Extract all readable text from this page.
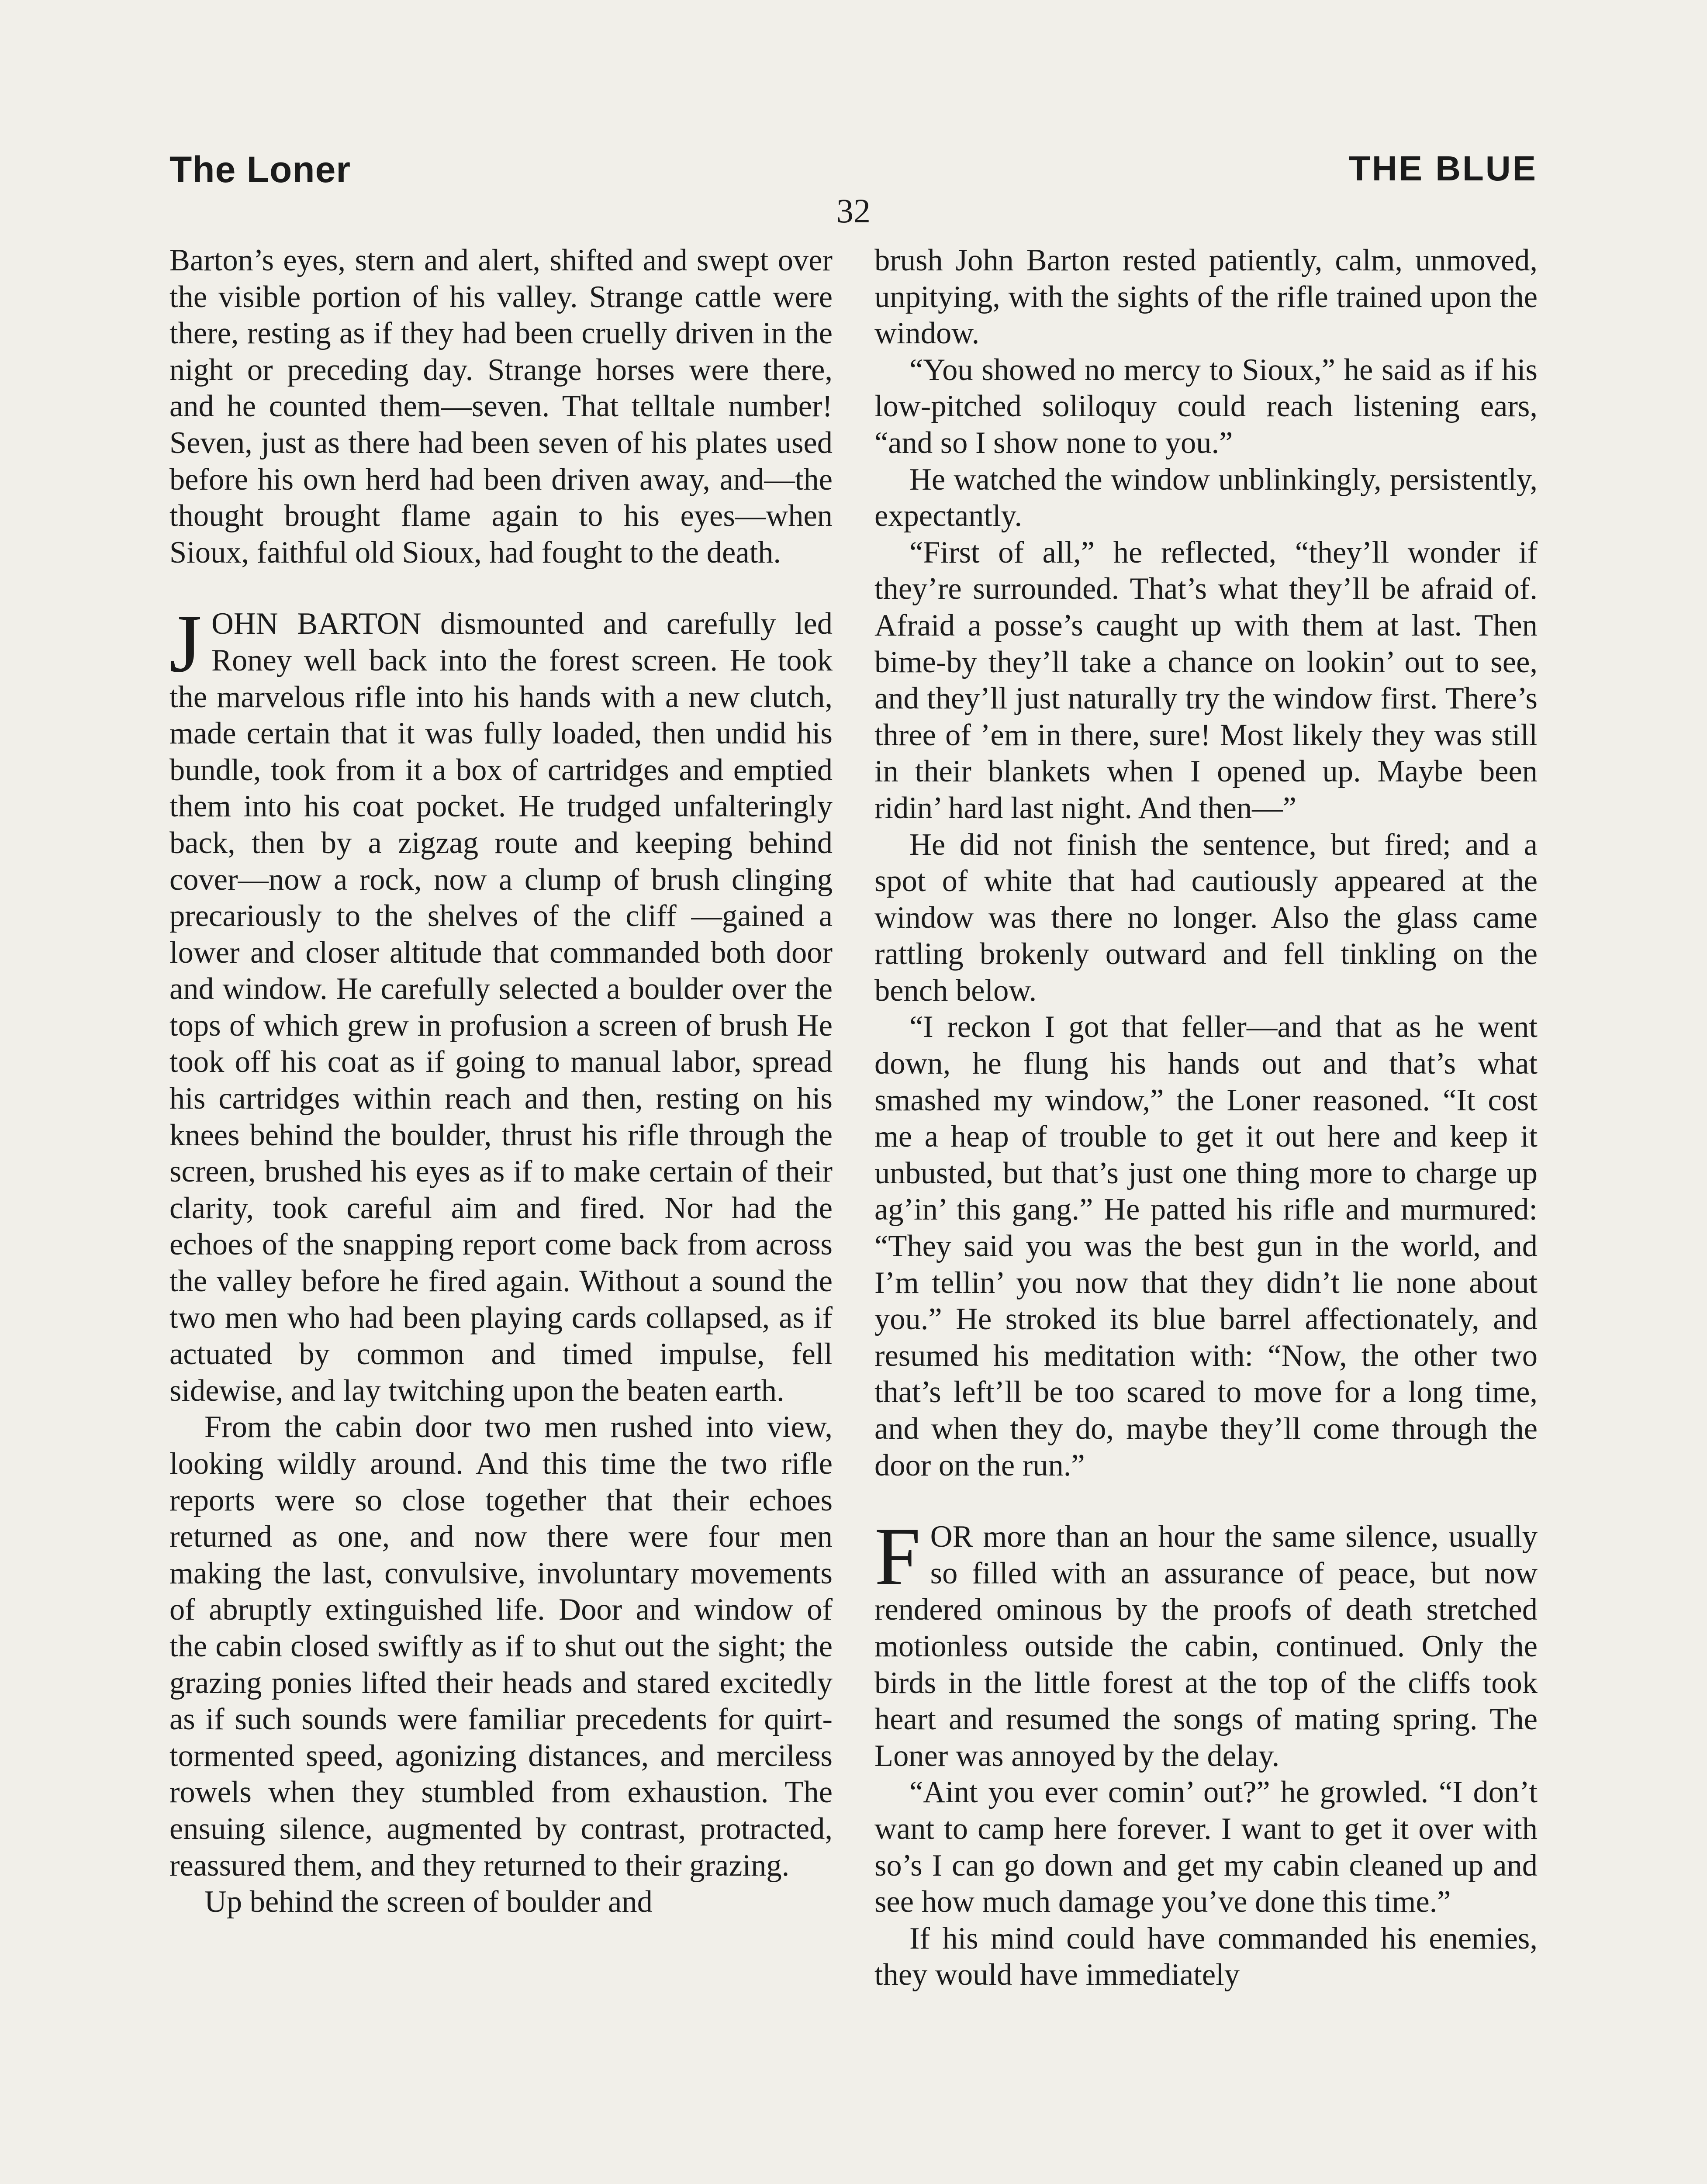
The Loner	THE BLUE
32

Barton’s eyes, stern and alert, shifted and swept over the visible portion of his valley. Strange cattle were there, resting as if they had been cruelly driven in the night or preceding day. Strange horses were there, and he counted them—seven. That telltale number! Seven, just as there had been seven of his plates used before his own herd had been driven away, and—the thought brought flame again to his eyes—when Sioux, faithful old Sioux, had fought to the death.

JOHN BARTON dismounted and carefully led Roney well back into the forest screen. He took the marvelous rifle into his hands with a new clutch, made certain that it was fully loaded, then undid his bundle, took from it a box of cartridges and emptied them into his coat pocket. He trudged unfalteringly back, then by a zigzag route and keeping behind cover—now a rock, now a clump of brush clinging precariously to the shelves of the cliff —gained a lower and closer altitude that commanded both door and window. He carefully selected a boulder over the tops of which grew in profusion a screen of brush He took off his coat as if going to manual labor, spread his cartridges within reach and then, resting on his knees behind the boulder, thrust his rifle through the screen, brushed his eyes as if to make certain of their clarity, took careful aim and fired. Nor had the echoes of the snapping report come back from across the valley before he fired again. Without a sound the two men who had been playing cards collapsed, as if actuated by common and timed impulse, fell sidewise, and lay twitching upon the beaten earth.

From the cabin door two men rushed into view, looking wildly around. And this time the two rifle reports were so close together that their echoes returned as one, and now there were four men making the last, convulsive, involuntary movements of abruptly extinguished life. Door and window of the cabin closed swiftly as if to shut out the sight; the grazing ponies lifted their heads and stared excitedly as if such sounds were familiar precedents for quirt-tormented speed, agonizing distances, and merciless rowels when they stumbled from exhaustion. The ensuing silence, augmented by contrast, protracted, reassured them, and they returned to their grazing.

Up behind the screen of boulder and

brush John Barton rested patiently, calm, unmoved, unpitying, with the sights of the rifle trained upon the window.

“You showed no mercy to Sioux,” he said as if his low-pitched soliloquy could reach listening ears, “and so I show none to you.”

He watched the window unblinkingly, persistently, expectantly.

“First of all,” he reflected, “they’ll wonder if they’re surrounded. That’s what they’ll be afraid of. Afraid a posse’s caught up with them at last. Then bime-by they’ll take a chance on lookin’ out to see, and they’ll just naturally try the window first. There’s three of ’em in there, sure! Most likely they was still in their blankets when I opened up. Maybe been ridin’ hard last night. And then—”

He did not finish the sentence, but fired; and a spot of white that had cautiously appeared at the window was there no longer. Also the glass came rattling brokenly outward and fell tinkling on the bench below.

“I reckon I got that feller—and that as he went down, he flung his hands out and that’s what smashed my window,” the Loner reasoned. “It cost me a heap of trouble to get it out here and keep it unbusted, but that’s just one thing more to charge up ag’in’ this gang.” He patted his rifle and murmured: “They said you was the best gun in the world, and I’m tellin’ you now that they didn’t lie none about you.” He stroked its blue barrel affectionately, and resumed his meditation with: “Now, the other two that’s left’ll be too scared to move for a long time, and when they do, maybe they’ll come through the door on the run.”

FOR more than an hour the same silence, usually so filled with an assurance of peace, but now rendered ominous by the proofs of death stretched motionless outside the cabin, continued. Only the birds in the little forest at the top of the cliffs took heart and resumed the songs of mating spring. The Loner was annoyed by the delay.

“Aint you ever comin’ out?” he growled. “I don’t want to camp here forever. I want to get it over with so’s I can go down and get my cabin cleaned up and see how much damage you’ve done this time.”

If his mind could have commanded his enemies, they would have immediately
